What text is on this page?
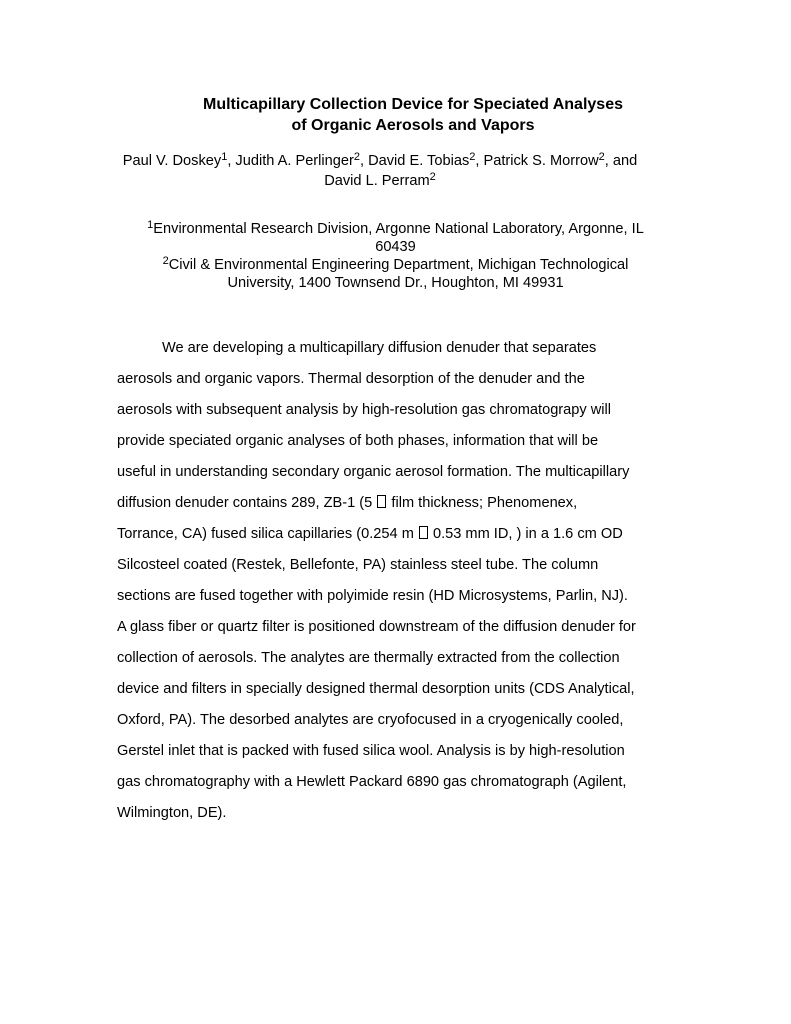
Multicapillary Collection Device for Speciated Analyses
of Organic Aerosols and Vapors
Paul V. Doskey$^1$, Judith A. Perlinger$^2$, David E. Tobias$^2$, Patrick S. Morrow$^2$, and
David L. Perram$^2$
$^1$Environmental Research Division, Argonne National Laboratory, Argonne, IL
60439
$^2$Civil & Environmental Engineering Department, Michigan Technological
University, 1400 Townsend Dr., Houghton, MI 49931
We are developing a multicapillary diffusion denuder that separates
aerosols and organic vapors. Thermal desorption of the denuder and the
aerosols with subsequent analysis by high-resolution gas chromatograpy will
provide speciated organic analyses of both phases, information that will be
useful in understanding secondary organic aerosol formation. The multicapillary
diffusion denuder contains 289, ZB-1 (5  film thickness; Phenomenex,
Torrance, CA) fused silica capillaries (0.254 m  0.53 mm ID, ) in a 1.6 cm OD
Silcosteel coated (Restek, Bellefonte, PA) stainless steel tube. The column
sections are fused together with polyimide resin (HD Microsystems, Parlin, NJ).
A glass fiber or quartz filter is positioned downstream of the diffusion denuder for
collection of aerosols. The analytes are thermally extracted from the collection
device and filters in specially designed thermal desorption units (CDS Analytical,
Oxford, PA). The desorbed analytes are cryofocused in a cryogenically cooled,
Gerstel inlet that is packed with fused silica wool. Analysis is by high-resolution
gas chromatography with a Hewlett Packard 6890 gas chromatograph (Agilent,
Wilmington, DE).
